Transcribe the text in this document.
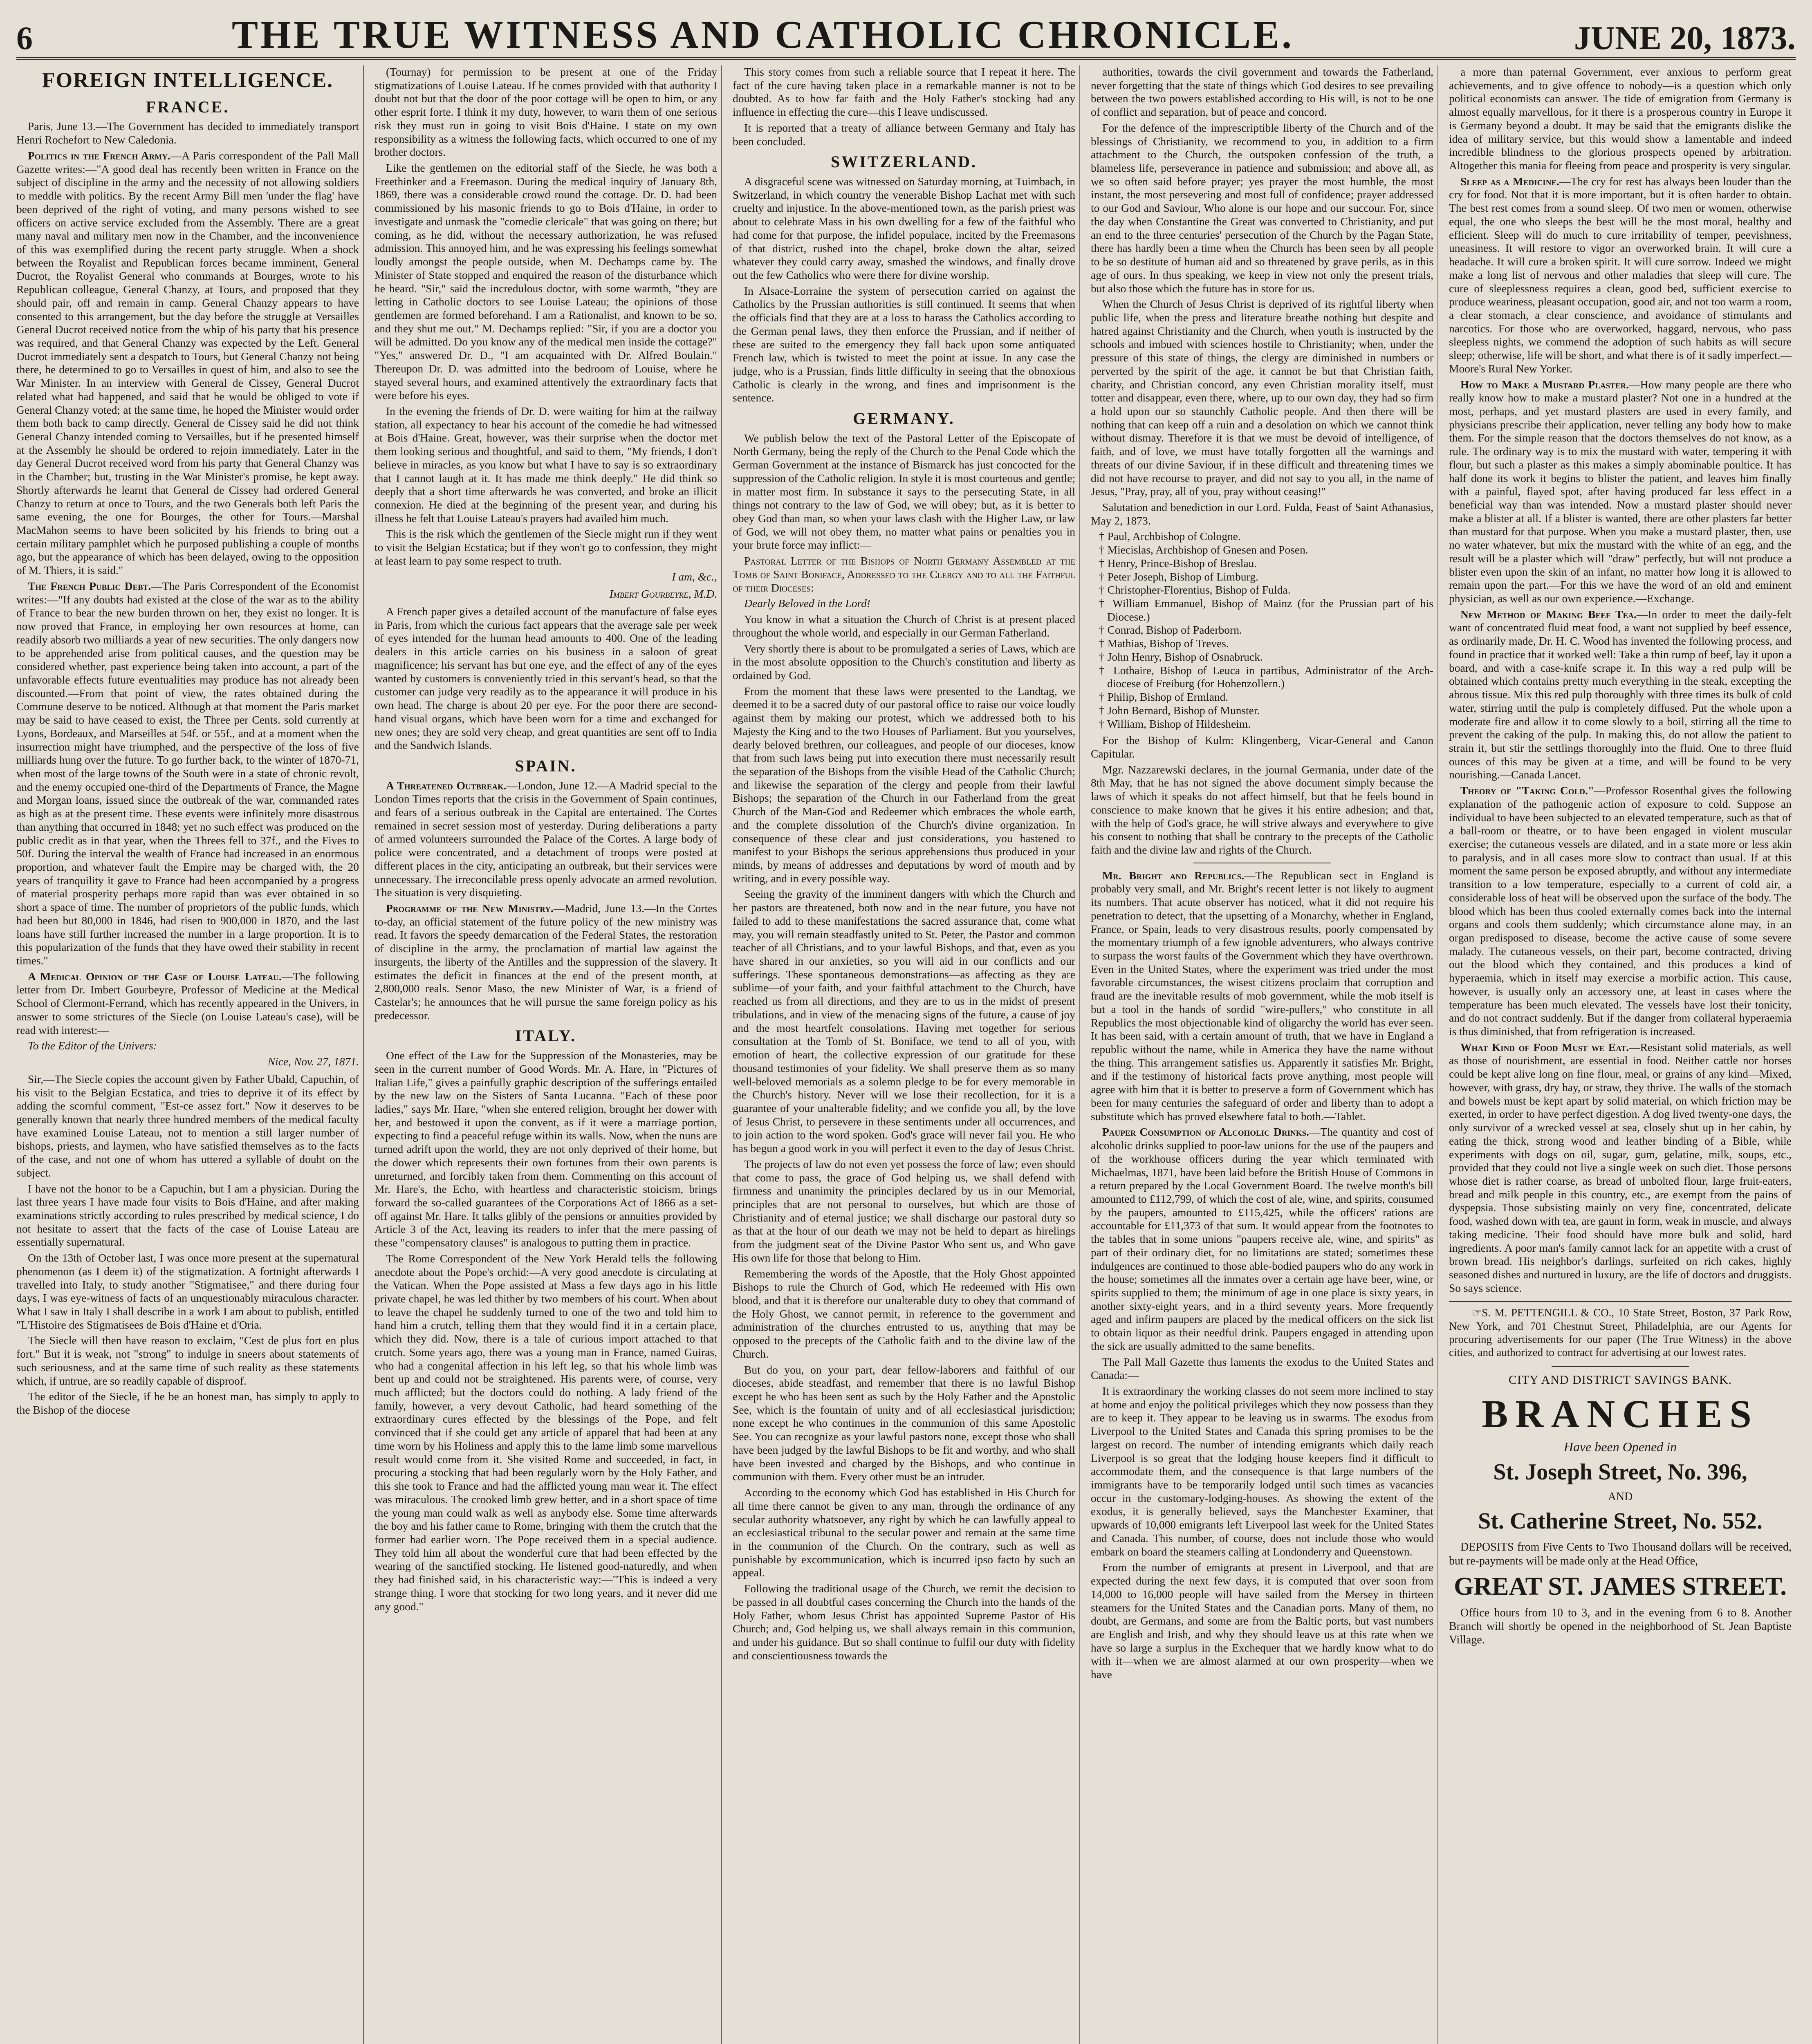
6	THE TRUE WITNESS AND CATHOLIC CHRONICLE.	JUNE 20, 1873.
FOREIGN INTELLIGENCE.
FRANCE.

Paris, June 13.—The Government has decided to immediately transport Henri Rochefort to New Caledonia.

Politics in the French Army.—A Paris correspondent of the Pall Mall Gazette writes:—"A good deal has recently been written in France on the subject of discipline in the army and the necessity of not allowing soldiers to meddle with politics. By the recent Army Bill men 'under the flag' have been deprived of the right of voting, and many persons wished to see officers on active service excluded from the Assembly. There are a great many naval and military men now in the Chamber, and the inconvenience of this was exemplified during the recent party struggle. When a shock between the Royalist and Republican forces became imminent, General Ducrot, the Royalist General who commands at Bourges, wrote to his Republican colleague, General Chanzy, at Tours, and proposed that they should pair, off and remain in camp. General Chanzy appears to have consented to this arrangement, but the day before the struggle at Versailles General Ducrot received notice from the whip of his party that his presence was required, and that General Chanzy was expected by the Left. General Ducrot immediately sent a despatch to Tours, but General Chanzy not being there, he determined to go to Versailles in quest of him, and also to see the War Minister. In an interview with General de Cissey, General Ducrot related what had happened, and said that he would be obliged to vote if General Chanzy voted; at the same time, he hoped the Minister would order them both back to camp directly. General de Cissey said he did not think General Chanzy intended coming to Versailles, but if he presented himself at the Assembly he should be ordered to rejoin immediately. Later in the day General Ducrot received word from his party that General Chanzy was in the Chamber; but, trusting in the War Minister's promise, he kept away. Shortly afterwards he learnt that General de Cissey had ordered General Chanzy to return at once to Tours, and the two Generals both left Paris the same evening, the one for Bourges, the other for Tours.—Marshal MacMahon seems to have been solicited by his friends to bring out a certain military pamphlet which he purposed publishing a couple of months ago, but the appearance of which has been delayed, owing to the opposition of M. Thiers, it is said."

The French Public Debt.—The Paris Correspondent of the Economist writes:—"If any doubts had existed at the close of the war as to the ability of France to bear the new burden thrown on her, they exist no longer. It is now proved that France, in employing her own resources at home, can readily absorb two milliards a year of new securities. The only dangers now to be apprehended arise from political causes, and the question may be considered whether, past experience being taken into account, a part of the unfavorable effects future eventualities may produce has not already been discounted.—From that point of view, the rates obtained during the Commune deserve to be noticed. Although at that moment the Paris market may be said to have ceased to exist, the Three per Cents. sold currently at Lyons, Bordeaux, and Marseilles at 54f. or 55f., and at a moment when the insurrection might have triumphed, and the perspective of the loss of five milliards hung over the future. To go further back, to the winter of 1870-71, when most of the large towns of the South were in a state of chronic revolt, and the enemy occupied one-third of the Departments of France, the Magne and Morgan loans, issued since the outbreak of the war, commanded rates as high as at the present time. These events were infinitely more disastrous than anything that occurred in 1848; yet no such effect was produced on the public credit as in that year, when the Threes fell to 37f., and the Fives to 50f. During the interval the wealth of France had increased in an enormous proportion, and whatever fault the Empire may be charged with, the 20 years of tranquility it gave to France had been accompanied by a progress of material prosperity perhaps more rapid than was ever obtained in so short a space of time. The number of proprietors of the public funds, which had been but 80,000 in 1846, had risen to 900,000 in 1870, and the last loans have still further increased the number in a large proportion. It is to this popularization of the funds that they have owed their stability in recent times."

A Medical Opinion of the Case of Louise Lateau.—The following letter from Dr. Imbert Gourbeyre, Professor of Medicine at the Medical School of Clermont-Ferrand, which has recently appeared in the Univers, in answer to some strictures of the Siecle (on Louise Lateau's case), will be read with interest:—

To the Editor of the Univers:

Nice, Nov. 27, 1871.

Sir,—The Siecle copies the account given by Father Ubald, Capuchin, of his visit to the Belgian Ecstatica, and tries to deprive it of its effect by adding the scornful comment, "Est-ce assez fort." Now it deserves to be generally known that nearly three hundred members of the medical faculty have examined Louise Lateau, not to mention a still larger number of bishops, priests, and laymen, who have satisfied themselves as to the facts of the case, and not one of whom has uttered a syllable of doubt on the subject.

I have not the honor to be a Capuchin, but I am a physician. During the last three years I have made four visits to Bois d'Haine, and after making examinations strictly according to rules prescribed by medical science, I do not hesitate to assert that the facts of the case of Louise Lateau are essentially supernatural.

On the 13th of October last, I was once more present at the supernatural phenomenon (as I deem it) of the stigmatization. A fortnight afterwards I travelled into Italy, to study another "Stigmatisee," and there during four days, I was eye-witness of facts of an unquestionably miraculous character. What I saw in Italy I shall describe in a work I am about to publish, entitled "L'Histoire des Stigmatisees de Bois d'Haine et d'Oria.

The Siecle will then have reason to exclaim, "Cest de plus fort en plus fort." But it is weak, not "strong" to indulge in sneers about statements of such seriousness, and at the same time of such reality as these statements which, if untrue, are so readily capable of disproof.

The editor of the Siecle, if he be an honest man, has simply to apply to the Bishop of the diocese

(Tournay) for permission to be present at one of the Friday stigmatizations of Louise Lateau. If he comes provided with that authority I doubt not but that the door of the poor cottage will be open to him, or any other esprit forte. I think it my duty, however, to warn them of one serious risk they must run in going to visit Bois d'Haine. I state on my own responsibility as a witness the following facts, which occurred to one of my brother doctors.

Like the gentlemen on the editorial staff of the Siecle, he was both a Freethinker and a Freemason. During the medical inquiry of January 8th, 1869, there was a considerable crowd round the cottage. Dr. D. had been commissioned by his masonic friends to go to Bois d'Haine, in order to investigate and unmask the "comedie clericale" that was going on there; but coming, as he did, without the necessary authorization, he was refused admission. This annoyed him, and he was expressing his feelings somewhat loudly amongst the people outside, when M. Dechamps came by. The Minister of State stopped and enquired the reason of the disturbance which he heard. "Sir," said the incredulous doctor, with some warmth, "they are letting in Catholic doctors to see Louise Lateau; the opinions of those gentlemen are formed beforehand. I am a Rationalist, and known to be so, and they shut me out." M. Dechamps replied: "Sir, if you are a doctor you will be admitted. Do you know any of the medical men inside the cottage?" "Yes," answered Dr. D., "I am acquainted with Dr. Alfred Boulain." Thereupon Dr. D. was admitted into the bedroom of Louise, where he stayed several hours, and examined attentively the extraordinary facts that were before his eyes.

In the evening the friends of Dr. D. were waiting for him at the railway station, all expectancy to hear his account of the comedie he had witnessed at Bois d'Haine. Great, however, was their surprise when the doctor met them looking serious and thoughtful, and said to them, "My friends, I don't believe in miracles, as you know but what I have to say is so extraordinary that I cannot laugh at it. It has made me think deeply." He did think so deeply that a short time afterwards he was converted, and broke an illicit connexion. He died at the beginning of the present year, and during his illness he felt that Louise Lateau's prayers had availed him much.

This is the risk which the gentlemen of the Siecle might run if they went to visit the Belgian Ecstatica; but if they won't go to confession, they might at least learn to pay some respect to truth.

I am, &c.,

Imbert Gourbeyre, M.D.

A French paper gives a detailed account of the manufacture of false eyes in Paris, from which the curious fact appears that the average sale per week of eyes intended for the human head amounts to 400. One of the leading dealers in this article carries on his business in a saloon of great magnificence; his servant has but one eye, and the effect of any of the eyes wanted by customers is conveniently tried in this servant's head, so that the customer can judge very readily as to the appearance it will produce in his own head. The charge is about 20 per eye. For the poor there are second-hand visual organs, which have been worn for a time and exchanged for new ones; they are sold very cheap, and great quantities are sent off to India and the Sandwich Islands.

SPAIN.

A Threatened Outbreak.—London, June 12.—A Madrid special to the London Times reports that the crisis in the Government of Spain continues, and fears of a serious outbreak in the Capital are entertained. The Cortes remained in secret session most of yesterday. During deliberations a party of armed volunteers surrounded the Palace of the Cortes. A large body of police were concentrated, and a detachment of troops were posted at different places in the city, anticipating an outbreak, but their services were unnecessary. The irreconcilable press openly advocate an armed revolution. The situation is very disquieting.

Programme of the New Ministry.—Madrid, June 13.—In the Cortes to-day, an official statement of the future policy of the new ministry was read. It favors the speedy demarcation of the Federal States, the restoration of discipline in the army, the proclamation of martial law against the insurgents, the liberty of the Antilles and the suppression of the slavery. It estimates the deficit in finances at the end of the present month, at 2,800,000 reals. Senor Maso, the new Minister of War, is a friend of Castelar's; he announces that he will pursue the same foreign policy as his predecessor.

ITALY.

One effect of the Law for the Suppression of the Monasteries, may be seen in the current number of Good Words. Mr. A. Hare, in "Pictures of Italian Life," gives a painfully graphic description of the sufferings entailed by the new law on the Sisters of Santa Lucanna. "Each of these poor ladies," says Mr. Hare, "when she entered religion, brought her dower with her, and bestowed it upon the convent, as if it were a marriage portion, expecting to find a peaceful refuge within its walls. Now, when the nuns are turned adrift upon the world, they are not only deprived of their home, but the dower which represents their own fortunes from their own parents is unreturned, and forcibly taken from them. Commenting on this account of Mr. Hare's, the Echo, with heartless and characteristic stoicism, brings forward the so-called guarantees of the Corporations Act of 1866 as a set-off against Mr. Hare. It talks glibly of the pensions or annuities provided by Article 3 of the Act, leaving its readers to infer that the mere passing of these "compensatory clauses" is analogous to putting them in practice.

The Rome Correspondent of the New York Herald tells the following anecdote about the Pope's orchid:—A very good anecdote is circulating at the Vatican. When the Pope assisted at Mass a few days ago in his little private chapel, he was led thither by two members of his court. When about to leave the chapel he suddenly turned to one of the two and told him to hand him a crutch, telling them that they would find it in a certain place, which they did. Now, there is a tale of curious import attached to that crutch. Some years ago, there was a young man in France, named Guiras, who had a congenital affection in his left leg, so that his whole limb was bent up and could not be straightened. His parents were, of course, very much afflicted; but the doctors could do nothing. A lady friend of the family, however, a very devout Catholic, had heard something of the extraordinary cures effected by the blessings of the Pope, and felt convinced that if she could get any article of apparel that had been at any time worn by his Holiness and apply this to the lame limb some marvellous result would come from it. She visited Rome and succeeded, in fact, in procuring a stocking that had been regularly worn by the Holy Father, and this she took to France and had the afflicted young man wear it. The effect was miraculous. The crooked limb grew better, and in a short space of time the young man could walk as well as anybody else. Some time afterwards the boy and his father came to Rome, bringing with them the crutch that the former had earlier worn. The Pope received them in a special audience. They told him all about the wonderful cure that had been effected by the wearing of the sanctified stocking. He listened good-naturedly, and when they had finished said, in his characteristic way:—"This is indeed a very strange thing. I wore that stocking for two long years, and it never did me any good."

This story comes from such a reliable source that I repeat it here. The fact of the cure having taken place in a remarkable manner is not to be doubted. As to how far faith and the Holy Father's stocking had any influence in effecting the cure—this I leave undiscussed.

It is reported that a treaty of alliance between Germany and Italy has been concluded.

SWITZERLAND.

A disgraceful scene was witnessed on Saturday morning, at Tuimbach, in Switzerland, in which country the venerable Bishop Lachat met with such cruelty and injustice. In the above-mentioned town, as the parish priest was about to celebrate Mass in his own dwelling for a few of the faithful who had come for that purpose, the infidel populace, incited by the Freemasons of that district, rushed into the chapel, broke down the altar, seized whatever they could carry away, smashed the windows, and finally drove out the few Catholics who were there for divine worship.

In Alsace-Lorraine the system of persecution carried on against the Catholics by the Prussian authorities is still continued. It seems that when the officials find that they are at a loss to harass the Catholics according to the German penal laws, they then enforce the Prussian, and if neither of these are suited to the emergency they fall back upon some antiquated French law, which is twisted to meet the point at issue. In any case the judge, who is a Prussian, finds little difficulty in seeing that the obnoxious Catholic is clearly in the wrong, and fines and imprisonment is the sentence.

GERMANY.

We publish below the text of the Pastoral Letter of the Episcopate of North Germany, being the reply of the Church to the Penal Code which the German Government at the instance of Bismarck has just concocted for the suppression of the Catholic religion. In style it is most courteous and gentle; in matter most firm. In substance it says to the persecuting State, in all things not contrary to the law of God, we will obey; but, as it is better to obey God than man, so when your laws clash with the Higher Law, or law of God, we will not obey them, no matter what pains or penalties you in your brute force may inflict:—

Pastoral Letter of the Bishops of North Germany Assembled at the Tomb of Saint Boniface, Addressed to the Clergy and to all the Faithful of their Dioceses:

Dearly Beloved in the Lord!

You know in what a situation the Church of Christ is at present placed throughout the whole world, and especially in our German Fatherland.

Very shortly there is about to be promulgated a series of Laws, which are in the most absolute opposition to the Church's constitution and liberty as ordained by God.

From the moment that these laws were presented to the Landtag, we deemed it to be a sacred duty of our pastoral office to raise our voice loudly against them by making our protest, which we addressed both to his Majesty the King and to the two Houses of Parliament. But you yourselves, dearly beloved brethren, our colleagues, and people of our dioceses, know that from such laws being put into execution there must necessarily result the separation of the Bishops from the visible Head of the Catholic Church; and likewise the separation of the clergy and people from their lawful Bishops; the separation of the Church in our Fatherland from the great Church of the Man-God and Redeemer which embraces the whole earth, and the complete dissolution of the Church's divine organization. In consequence of these clear and just considerations, you hastened to manifest to your Bishops the serious apprehensions thus produced in your minds, by means of addresses and deputations by word of mouth and by writing, and in every possible way.

Seeing the gravity of the imminent dangers with which the Church and her pastors are threatened, both now and in the near future, you have not failed to add to these manifestations the sacred assurance that, come what may, you will remain steadfastly united to St. Peter, the Pastor and common teacher of all Christians, and to your lawful Bishops, and that, even as you have shared in our anxieties, so you will aid in our conflicts and our sufferings. These spontaneous demonstrations—as affecting as they are sublime—of your faith, and your faithful attachment to the Church, have reached us from all directions, and they are to us in the midst of present tribulations, and in view of the menacing signs of the future, a cause of joy and the most heartfelt consolations. Having met together for serious consultation at the Tomb of St. Boniface, we tend to all of you, with emotion of heart, the collective expression of our gratitude for these thousand testimonies of your fidelity. We shall preserve them as so many well-beloved memorials as a solemn pledge to be for every memorable in the Church's history. Never will we lose their recollection, for it is a guarantee of your unalterable fidelity; and we confide you all, by the love of Jesus Christ, to persevere in these sentiments under all occurrences, and to join action to the word spoken. God's grace will never fail you. He who has begun a good work in you will perfect it even to the day of Jesus Christ.

The projects of law do not even yet possess the force of law; even should that come to pass, the grace of God helping us, we shall defend with firmness and unanimity the principles declared by us in our Memorial, principles that are not personal to ourselves, but which are those of Christianity and of eternal justice; we shall discharge our pastoral duty so as that at the hour of our death we may not be held to depart as hirelings from the judgment seat of the Divine Pastor Who sent us, and Who gave His own life for those that belong to Him.

Remembering the words of the Apostle, that the Holy Ghost appointed Bishops to rule the Church of God, which He redeemed with His own blood, and that it is therefore our unalterable duty to obey that command of the Holy Ghost, we cannot permit, in reference to the government and administration of the churches entrusted to us, anything that may be opposed to the precepts of the Catholic faith and to the divine law of the Church.

But do you, on your part, dear fellow-laborers and faithful of our dioceses, abide steadfast, and remember that there is no lawful Bishop except he who has been sent as such by the Holy Father and the Apostolic See, which is the fountain of unity and of all ecclesiastical jurisdiction; none except he who continues in the communion of this same Apostolic See. You can recognize as your lawful pastors none, except those who shall have been judged by the lawful Bishops to be fit and worthy, and who shall have been invested and charged by the Bishops, and who continue in communion with them. Every other must be an intruder.

According to the economy which God has established in His Church for all time there cannot be given to any man, through the ordinance of any secular authority whatsoever, any right by which he can lawfully appeal to an ecclesiastical tribunal to the secular power and remain at the same time in the communion of the Church. On the contrary, such as well as punishable by excommunication, which is incurred ipso facto by such an appeal.

Following the traditional usage of the Church, we remit the decision to be passed in all doubtful cases concerning the Church into the hands of the Holy Father, whom Jesus Christ has appointed Supreme Pastor of His Church; and, God helping us, we shall always remain in this communion, and under his guidance. But so shall continue to fulfil our duty with fidelity and conscientiousness towards the

authorities, towards the civil government and towards the Fatherland, never forgetting that the state of things which God desires to see prevailing between the two powers established according to His will, is not to be one of conflict and separation, but of peace and concord.

For the defence of the imprescriptible liberty of the Church and of the blessings of Christianity, we recommend to you, in addition to a firm attachment to the Church, the outspoken confession of the truth, a blameless life, perseverance in patience and submission; and above all, as we so often said before prayer; yes prayer the most humble, the most instant, the most persevering and most full of confidence; prayer addressed to our God and Saviour, Who alone is our hope and our succour. For, since the day when Constantine the Great was converted to Christianity, and put an end to the three centuries' persecution of the Church by the Pagan State, there has hardly been a time when the Church has been seen by all people to be so destitute of human aid and so threatened by grave perils, as in this age of ours. In thus speaking, we keep in view not only the present trials, but also those which the future has in store for us.

When the Church of Jesus Christ is deprived of its rightful liberty when public life, when the press and literature breathe nothing but despite and hatred against Christianity and the Church, when youth is instructed by the schools and imbued with sciences hostile to Christianity; when, under the pressure of this state of things, the clergy are diminished in numbers or perverted by the spirit of the age, it cannot be but that Christian faith, charity, and Christian concord, any even Christian morality itself, must totter and disappear, even there, where, up to our own day, they had so firm a hold upon our so staunchly Catholic people. And then there will be nothing that can keep off a ruin and a desolation on which we cannot think without dismay. Therefore it is that we must be devoid of intelligence, of faith, and of love, we must have totally forgotten all the warnings and threats of our divine Saviour, if in these difficult and threatening times we did not have recourse to prayer, and did not say to you all, in the name of Jesus, "Pray, pray, all of you, pray without ceasing!"

Salutation and benediction in our Lord. Fulda, Feast of Saint Athanasius, May 2, 1873.

† Paul, Archbishop of Cologne.
† Miecislas, Archbishop of Gnesen and Posen.
† Henry, Prince-Bishop of Breslau.
† Peter Joseph, Bishop of Limburg.
† Christopher-Florentius, Bishop of Fulda.
† William Emmanuel, Bishop of Mainz (for the Prussian part of his Diocese.)
† Conrad, Bishop of Paderborn.
† Mathias, Bishop of Treves.
† John Henry, Bishop of Osnabruck.
† Lothaire, Bishop of Leuca in partibus, Administrator of the Arch-diocese of Freiburg (for Hohenzollern.)
† Philip, Bishop of Ermland.
† John Bernard, Bishop of Munster.
† William, Bishop of Hildesheim.

For the Bishop of Kulm: Klingenberg, Vicar-General and Canon Capitular.

Mgr. Nazzarewski declares, in the journal Germania, under date of the 8th May, that he has not signed the above document simply because the laws of which it speaks do not affect himself, but that he feels bound in conscience to make known that he gives it his entire adhesion; and that, with the help of God's grace, he will strive always and everywhere to give his consent to nothing that shall be contrary to the precepts of the Catholic faith and the divine law and rights of the Church.

Mr. Bright and Republics.—The Republican sect in England is probably very small, and Mr. Bright's recent letter is not likely to augment its numbers. That acute observer has noticed, what it did not require his penetration to detect, that the upsetting of a Monarchy, whether in England, France, or Spain, leads to very disastrous results, poorly compensated by the momentary triumph of a few ignoble adventurers, who always contrive to surpass the worst faults of the Government which they have overthrown. Even in the United States, where the experiment was tried under the most favorable circumstances, the wisest citizens proclaim that corruption and fraud are the inevitable results of mob government, while the mob itself is but a tool in the hands of sordid "wire-pullers," who constitute in all Republics the most objectionable kind of oligarchy the world has ever seen. It has been said, with a certain amount of truth, that we have in England a republic without the name, while in America they have the name without the thing. This arrangement satisfies us. Apparently it satisfies Mr. Bright, and if the testimony of historical facts prove anything, most people will agree with him that it is better to preserve a form of Government which has been for many centuries the safeguard of order and liberty than to adopt a substitute which has proved elsewhere fatal to both.—Tablet.

Pauper Consumption of Alcoholic Drinks.—The quantity and cost of alcoholic drinks supplied to poor-law unions for the use of the paupers and of the workhouse officers during the year which terminated with Michaelmas, 1871, have been laid before the British House of Commons in a return prepared by the Local Government Board. The twelve month's bill amounted to £112,799, of which the cost of ale, wine, and spirits, consumed by the paupers, amounted to £115,425, while the officers' rations are accountable for £11,373 of that sum. It would appear from the footnotes to the tables that in some unions "paupers receive ale, wine, and spirits" as part of their ordinary diet, for no limitations are stated; sometimes these indulgences are continued to those able-bodied paupers who do any work in the house; sometimes all the inmates over a certain age have beer, wine, or spirits supplied to them; the minimum of age in one place is sixty years, in another sixty-eight years, and in a third seventy years. More frequently aged and infirm paupers are placed by the medical officers on the sick list to obtain liquor as their needful drink. Paupers engaged in attending upon the sick are usually admitted to the same benefits.

The Pall Mall Gazette thus laments the exodus to the United States and Canada:—

It is extraordinary the working classes do not seem more inclined to stay at home and enjoy the political privileges which they now possess than they are to keep it. They appear to be leaving us in swarms. The exodus from Liverpool to the United States and Canada this spring promises to be the largest on record. The number of intending emigrants which daily reach Liverpool is so great that the lodging house keepers find it difficult to accommodate them, and the consequence is that large numbers of the immigrants have to be temporarily lodged until such times as vacancies occur in the customary-lodging-houses. As showing the extent of the exodus, it is generally believed, says the Manchester Examiner, that upwards of 10,000 emigrants left Liverpool last week for the United States and Canada. This number, of course, does not include those who would embark on board the steamers calling at Londonderry and Queenstown.

From the number of emigrants at present in Liverpool, and that are expected during the next few days, it is computed that over soon from 14,000 to 16,000 people will have sailed from the Mersey in thirteen steamers for the United States and the Canadian ports. Many of them, no doubt, are Germans, and some are from the Baltic ports, but vast numbers are English and Irish, and why they should leave us at this rate when we have so large a surplus in the Exchequer that we hardly know what to do with it—when we are almost alarmed at our own prosperity—when we have

a more than paternal Government, ever anxious to perform great achievements, and to give offence to nobody—is a question which only political economists can answer. The tide of emigration from Germany is almost equally marvellous, for it there is a prosperous country in Europe it is Germany beyond a doubt. It may be said that the emigrants dislike the idea of military service, but this would show a lamentable and indeed incredible blindness to the glorious prospects opened by arbitration. Altogether this mania for fleeing from peace and prosperity is very singular.

Sleep as a Medicine.—The cry for rest has always been louder than the cry for food. Not that it is more important, but it is often harder to obtain. The best rest comes from a sound sleep. Of two men or women, otherwise equal, the one who sleeps the best will be the most moral, healthy and efficient. Sleep will do much to cure irritability of temper, peevishness, uneasiness. It will restore to vigor an overworked brain. It will cure a headache. It will cure a broken spirit. It will cure sorrow. Indeed we might make a long list of nervous and other maladies that sleep will cure. The cure of sleeplessness requires a clean, good bed, sufficient exercise to produce weariness, pleasant occupation, good air, and not too warm a room, a clear stomach, a clear conscience, and avoidance of stimulants and narcotics. For those who are overworked, haggard, nervous, who pass sleepless nights, we commend the adoption of such habits as will secure sleep; otherwise, life will be short, and what there is of it sadly imperfect.—Moore's Rural New Yorker.

How to Make a Mustard Plaster.—How many people are there who really know how to make a mustard plaster? Not one in a hundred at the most, perhaps, and yet mustard plasters are used in every family, and physicians prescribe their application, never telling any body how to make them. For the simple reason that the doctors themselves do not know, as a rule. The ordinary way is to mix the mustard with water, tempering it with flour, but such a plaster as this makes a simply abominable poultice. It has half done its work it begins to blister the patient, and leaves him finally with a painful, flayed spot, after having produced far less effect in a beneficial way than was intended. Now a mustard plaster should never make a blister at all. If a blister is wanted, there are other plasters far better than mustard for that purpose. When you make a mustard plaster, then, use no water whatever, but mix the mustard with the white of an egg, and the result will be a plaster which will "draw" perfectly, but will not produce a blister even upon the skin of an infant, no matter how long it is allowed to remain upon the part.—For this we have the word of an old and eminent physician, as well as our own experience.—Exchange.

New Method of Making Beef Tea.—In order to meet the daily-felt want of concentrated fluid meat food, a want not supplied by beef essence, as ordinarily made, Dr. H. C. Wood has invented the following process, and found in practice that it worked well: Take a thin rump of beef, lay it upon a board, and with a case-knife scrape it. In this way a red pulp will be obtained which contains pretty much everything in the steak, excepting the abrous tissue. Mix this red pulp thoroughly with three times its bulk of cold water, stirring until the pulp is completely diffused. Put the whole upon a moderate fire and allow it to come slowly to a boil, stirring all the time to prevent the caking of the pulp. In making this, do not allow the patient to strain it, but stir the settlings thoroughly into the fluid. One to three fluid ounces of this may be given at a time, and will be found to be very nourishing.—Canada Lancet.

Theory of "Taking Cold."—Professor Rosenthal gives the following explanation of the pathogenic action of exposure to cold. Suppose an individual to have been subjected to an elevated temperature, such as that of a ball-room or theatre, or to have been engaged in violent muscular exercise; the cutaneous vessels are dilated, and in a state more or less akin to paralysis, and in all cases more slow to contract than usual. If at this moment the same person be exposed abruptly, and without any intermediate transition to a low temperature, especially to a current of cold air, a considerable loss of heat will be observed upon the surface of the body. The blood which has been thus cooled externally comes back into the internal organs and cools them suddenly; which circumstance alone may, in an organ predisposed to disease, become the active cause of some severe malady. The cutaneous vessels, on their part, become contracted, driving out the blood which they contained, and this produces a kind of hyperaemia, which in itself may exercise a morbific action. This cause, however, is usually only an accessory one, at least in cases where the temperature has been much elevated. The vessels have lost their tonicity, and do not contract suddenly. But if the danger from collateral hyperaemia is thus diminished, that from refrigeration is increased.

What Kind of Food Must we Eat.—Resistant solid materials, as well as those of nourishment, are essential in food. Neither cattle nor horses could be kept alive long on fine flour, meal, or grains of any kind—Mixed, however, with grass, dry hay, or straw, they thrive. The walls of the stomach and bowels must be kept apart by solid material, on which friction may be exerted, in order to have perfect digestion. A dog lived twenty-one days, the only survivor of a wrecked vessel at sea, closely shut up in her cabin, by eating the thick, strong wood and leather binding of a Bible, while experiments with dogs on oil, sugar, gum, gelatine, milk, soups, etc., provided that they could not live a single week on such diet. Those persons whose diet is rather coarse, as bread of unbolted flour, large fruit-eaters, bread and milk people in this country, etc., are exempt from the pains of dyspepsia. Those subsisting mainly on very fine, concentrated, delicate food, washed down with tea, are gaunt in form, weak in muscle, and always taking medicine. Their food should have more bulk and solid, hard ingredients. A poor man's family cannot lack for an appetite with a crust of brown bread. His neighbor's darlings, surfeited on rich cakes, highly seasoned dishes and nurtured in luxury, are the life of doctors and druggists. So says science.

☞S. M. PETTENGILL & CO., 10 State Street, Boston, 37 Park Row, New York, and 701 Chestnut Street, Philadelphia, are our Agents for procuring advertisements for our paper (The True Witness) in the above cities, and authorized to contract for advertising at our lowest rates.

CITY AND DISTRICT SAVINGS BANK.
BRANCHES
Have been Opened in
St. Joseph Street, No. 396,
AND
St. Catherine Street, No. 552.
DEPOSITS from Five Cents to Two Thousand dollars will be received, but re-payments will be made only at the Head Office,
GREAT ST. JAMES STREET.
Office hours from 10 to 3, and in the evening from 6 to 8. Another Branch will shortly be opened in the neighborhood of St. Jean Baptiste Village.
